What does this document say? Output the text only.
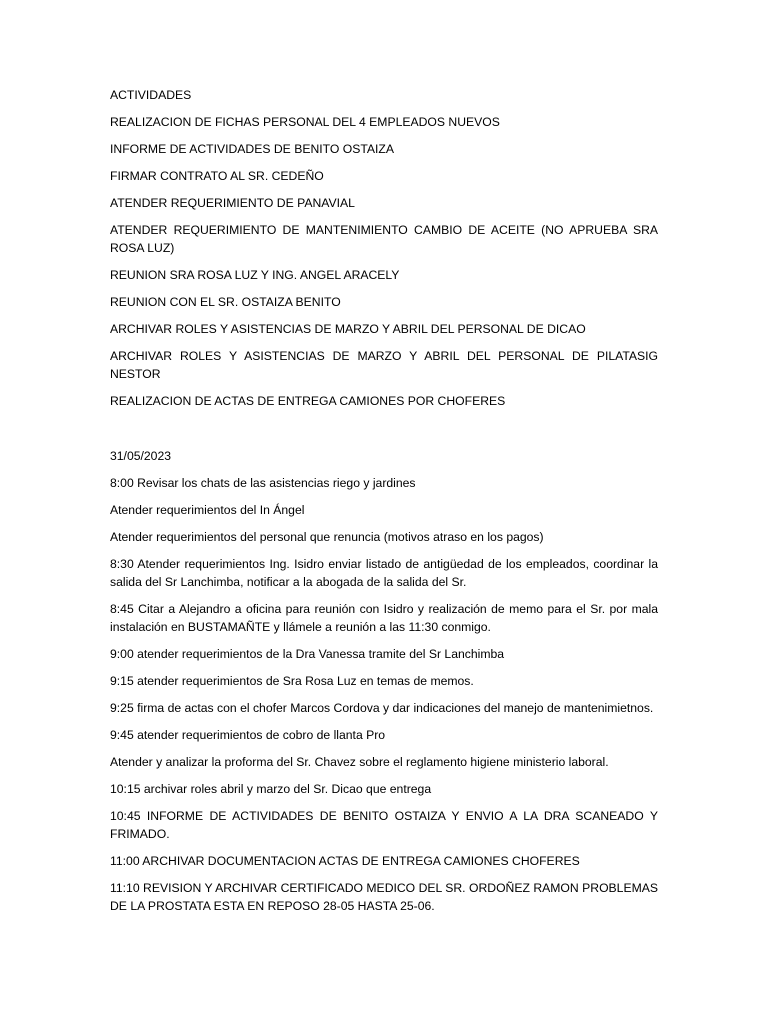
ACTIVIDADES

REALIZACION DE FICHAS PERSONAL DEL 4 EMPLEADOS NUEVOS

INFORME DE ACTIVIDADES DE BENITO OSTAIZA

FIRMAR CONTRATO AL SR. CEDEÑO

ATENDER REQUERIMIENTO DE PANAVIAL

ATENDER REQUERIMIENTO DE MANTENIMIENTO CAMBIO DE ACEITE (NO APRUEBA SRA ROSA LUZ)

REUNION SRA ROSA LUZ Y ING. ANGEL ARACELY

REUNION CON EL SR. OSTAIZA BENITO

ARCHIVAR ROLES Y ASISTENCIAS DE MARZO Y ABRIL DEL PERSONAL DE DICAO

ARCHIVAR ROLES Y ASISTENCIAS DE MARZO Y ABRIL DEL PERSONAL DE PILATASIG NESTOR

REALIZACION DE ACTAS DE ENTREGA CAMIONES POR CHOFERES

31/05/2023

8:00 Revisar los chats de las asistencias riego y jardines

Atender requerimientos del In Ángel

Atender requerimientos del personal que renuncia (motivos atraso en los pagos)

8:30 Atender requerimientos Ing. Isidro enviar listado de antigüedad de los empleados, coordinar la salida del Sr Lanchimba, notificar a la abogada de la salida del Sr.

8:45 Citar a Alejandro a oficina para reunión con Isidro y realización de memo para el Sr. por mala instalación en BUSTAMAÑTE y llámele a reunión a las 11:30 conmigo.

9:00 atender requerimientos de la Dra Vanessa tramite del Sr Lanchimba

9:15 atender requerimientos de Sra Rosa Luz en temas de memos.

9:25 firma de actas con el chofer Marcos Cordova y dar indicaciones del manejo de mantenimietnos.

9:45 atender requerimientos de cobro de llanta Pro

Atender y analizar la proforma del Sr. Chavez sobre el reglamento higiene ministerio laboral.

10:15 archivar roles abril y marzo del Sr. Dicao que entrega

10:45 INFORME DE ACTIVIDADES DE BENITO OSTAIZA Y ENVIO A LA DRA SCANEADO Y FRIMADO.

11:00 ARCHIVAR DOCUMENTACION ACTAS DE ENTREGA CAMIONES CHOFERES

11:10 REVISION Y ARCHIVAR CERTIFICADO MEDICO DEL SR. ORDOÑEZ RAMON PROBLEMAS DE LA PROSTATA ESTA EN REPOSO 28-05 HASTA 25-06.
